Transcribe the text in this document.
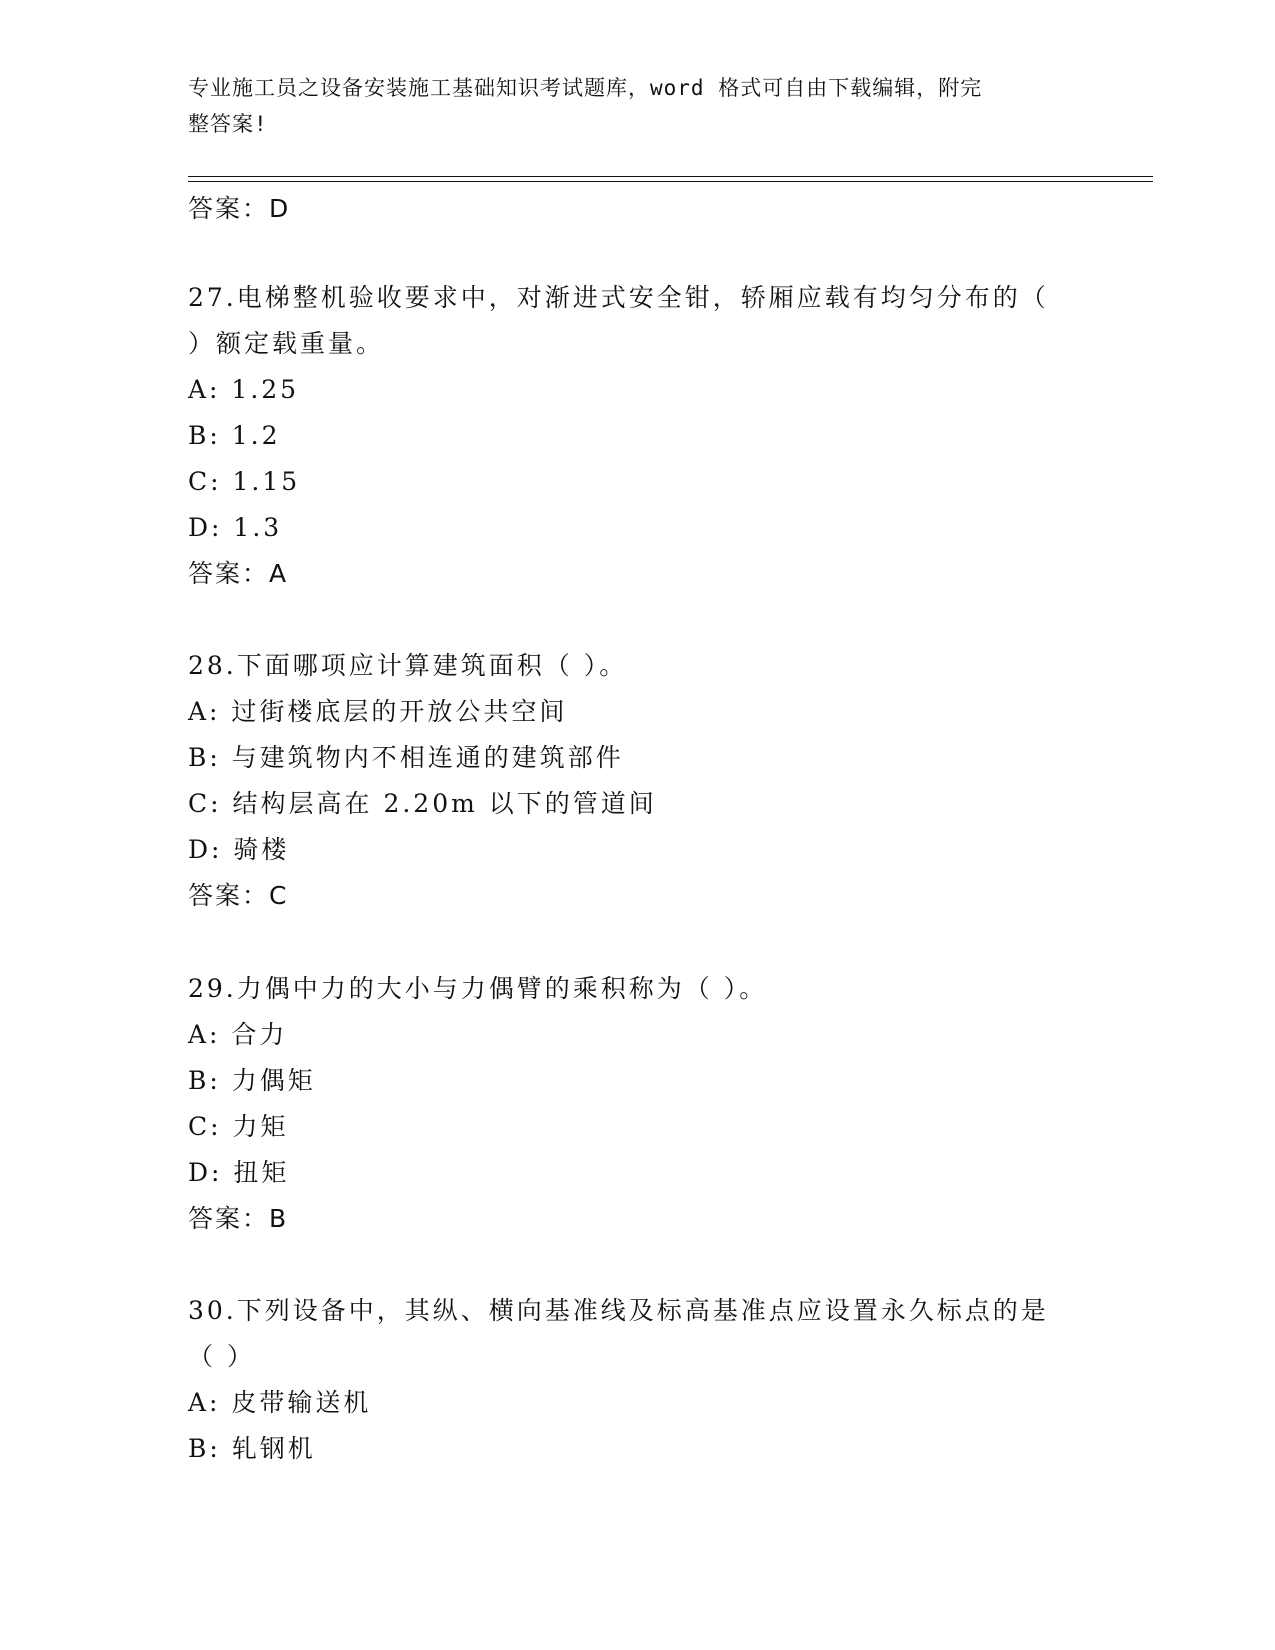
专业施工员之设备安装施工基础知识考试题库，word 格式可自由下载编辑，附完
整答案!
答案：D
27.电梯整机验收要求中，对渐进式安全钳，轿厢应载有均匀分布的（
）额定载重量。
A: 1.25
B: 1.2
C: 1.15
D: 1.3
答案：A
28.下面哪项应计算建筑面积（ ）。
A: 过街楼底层的开放公共空间
B: 与建筑物内不相连通的建筑部件
C: 结构层高在 2.20m 以下的管道间
D: 骑楼
答案：C
29.力偶中力的大小与力偶臂的乘积称为（ ）。
A: 合力
B: 力偶矩
C: 力矩
D: 扭矩
答案：B
30.下列设备中，其纵、横向基准线及标高基准点应设置永久标点的是
（ ）
A: 皮带输送机
B: 轧钢机
